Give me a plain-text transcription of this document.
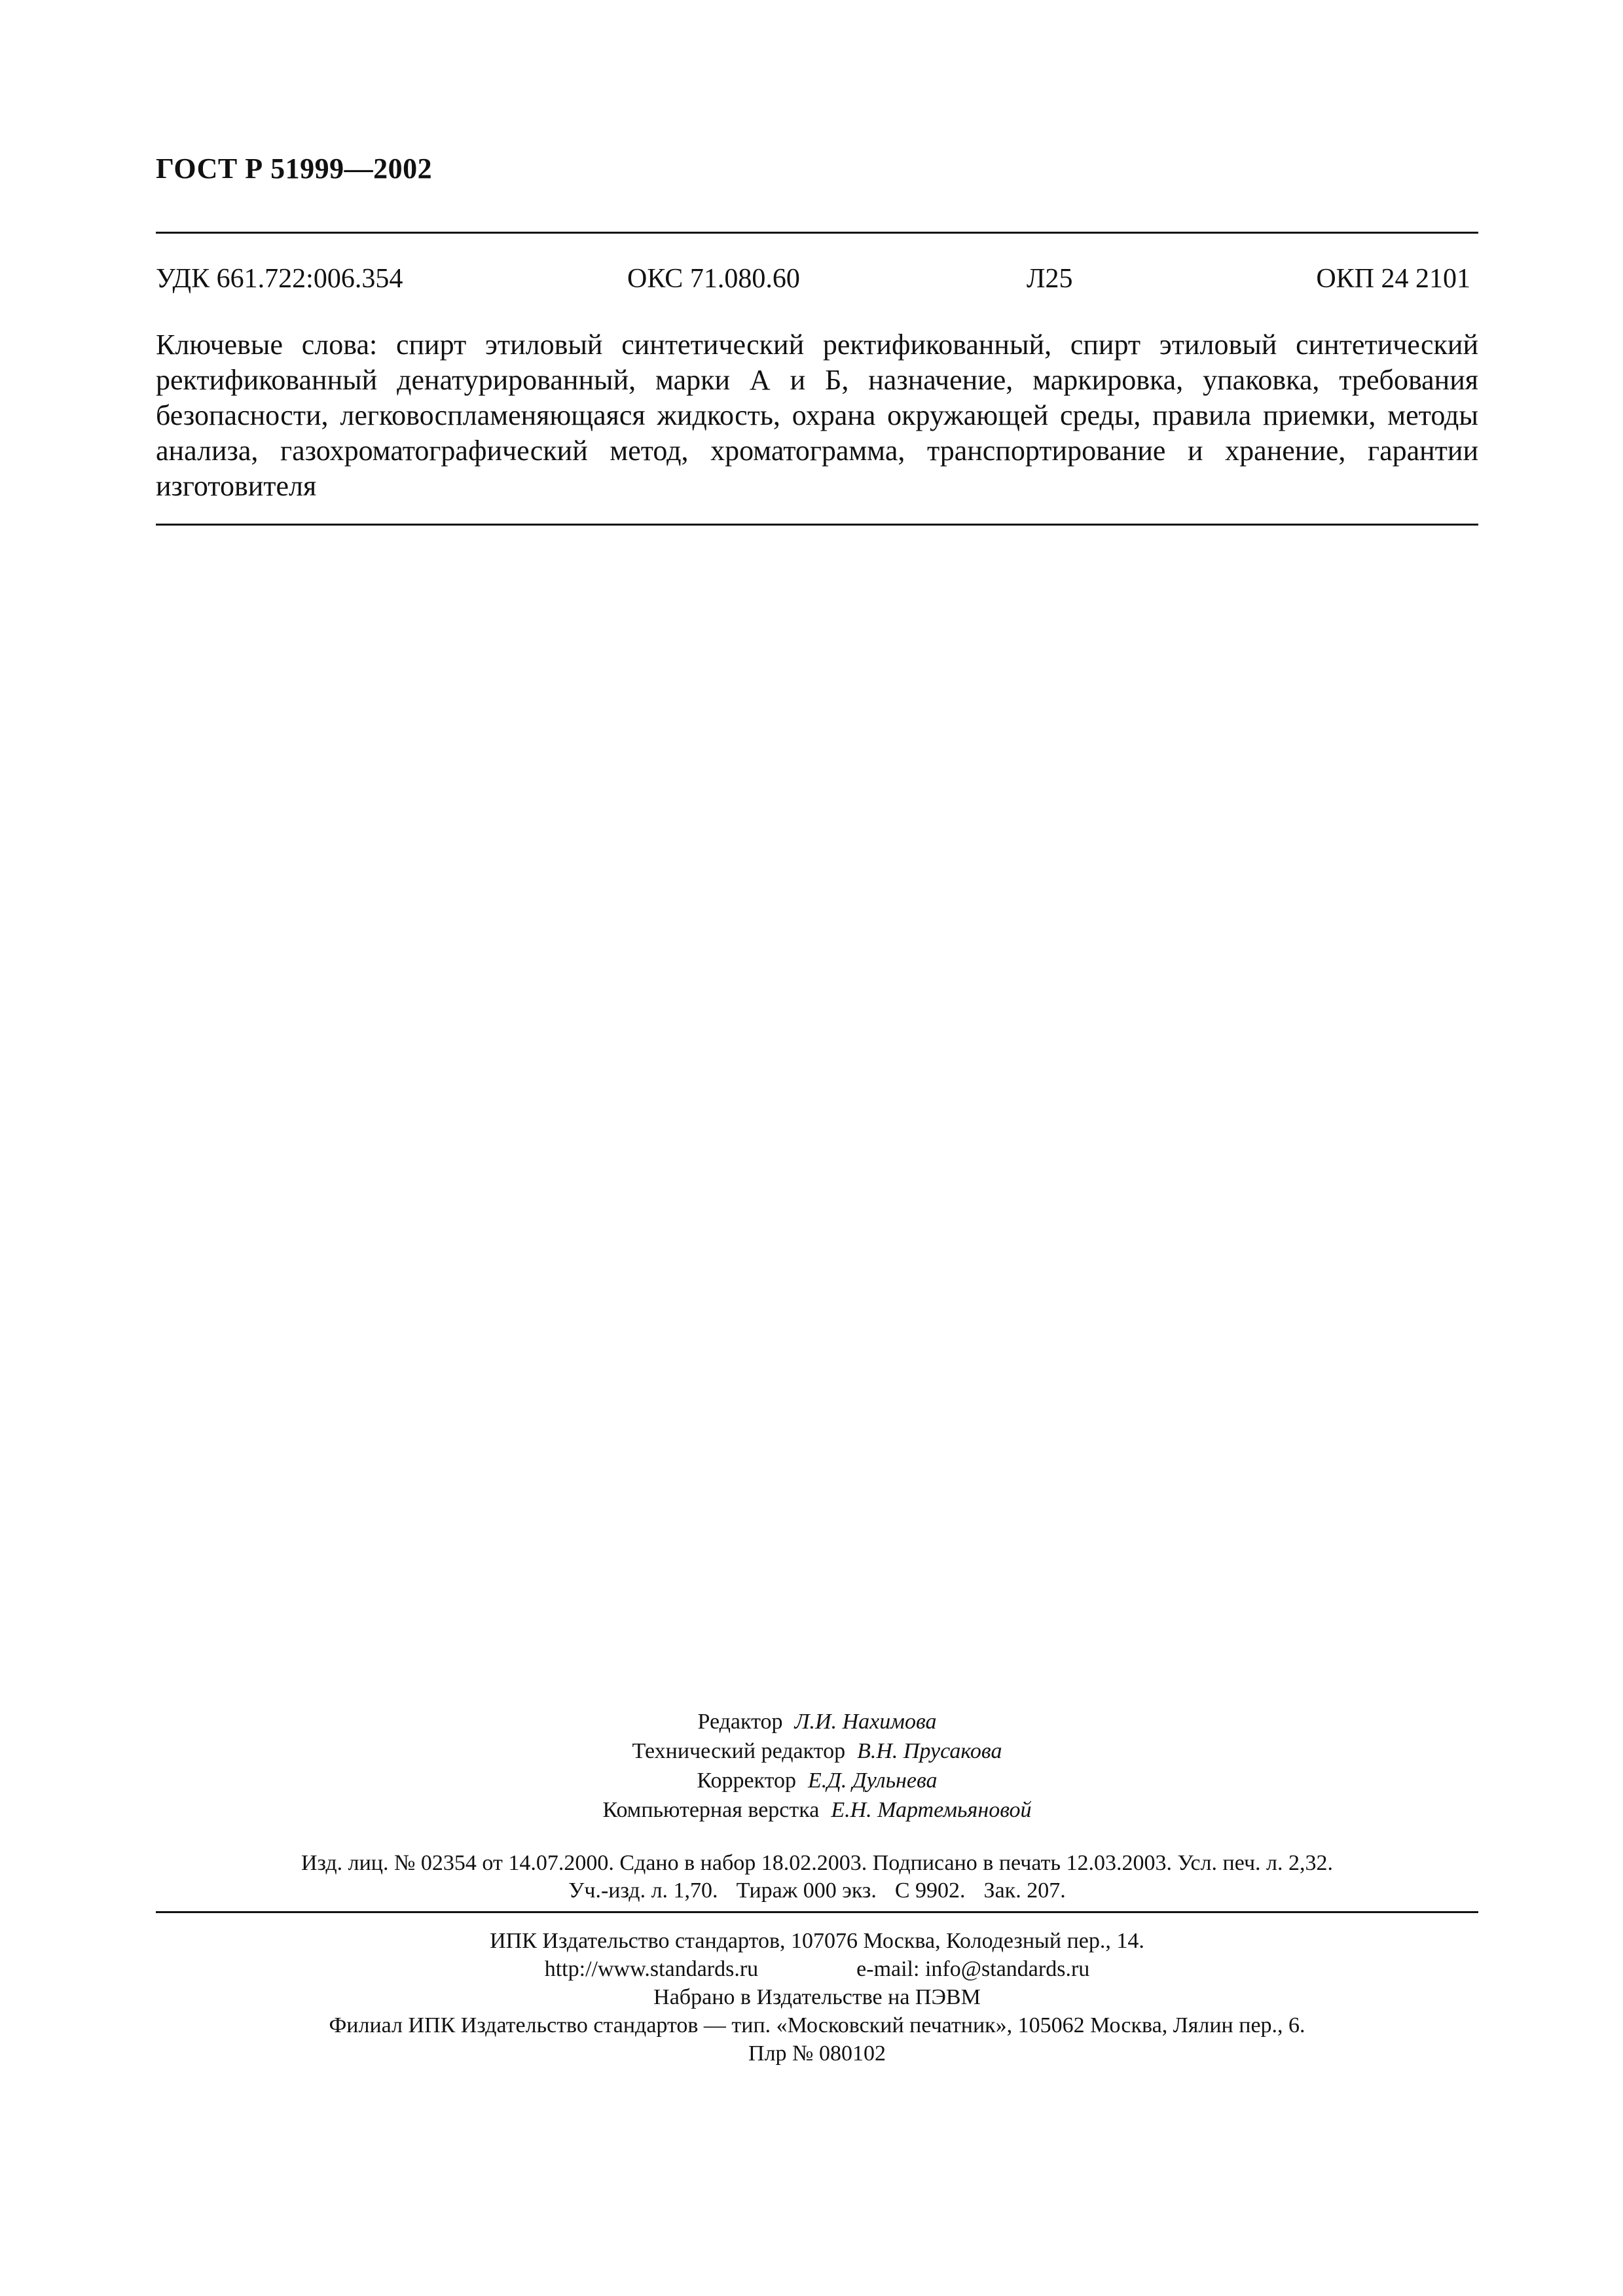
ГОСТ Р 51999—2002
УДК 661.722:006.354	ОКС 71.080.60	Л25	ОКП 24 2101
Ключевые слова: спирт этиловый синтетический ректификованный, спирт этиловый синтетический ректификованный денатурированный, марки А и Б, назначение, маркировка, упаковка, требования безопасности, легковоспламеняющаяся жидкость, охрана окружающей среды, правила приемки, методы анализа, газохроматографический метод, хроматограмма, транспортирование и хранение, гарантии изготовителя
Редактор Л.И. Нахимова
Технический редактор В.Н. Прусакова
Корректор Е.Д. Дульнева
Компьютерная верстка Е.Н. Мартемьяновой
Изд. лиц. № 02354 от 14.07.2000. Сдано в набор 18.02.2003. Подписано в печать 12.03.2003. Усл. печ. л. 2,32.
Уч.-изд. л. 1,70. Тираж 000 экз. С 9902. Зак. 207.
ИПК Издательство стандартов, 107076 Москва, Колодезный пер., 14.
http://www.standards.ru	e-mail: info@standards.ru
Набрано в Издательстве на ПЭВМ
Филиал ИПК Издательство стандартов — тип. «Московский печатник», 105062 Москва, Лялин пер., 6.
Плр № 080102
